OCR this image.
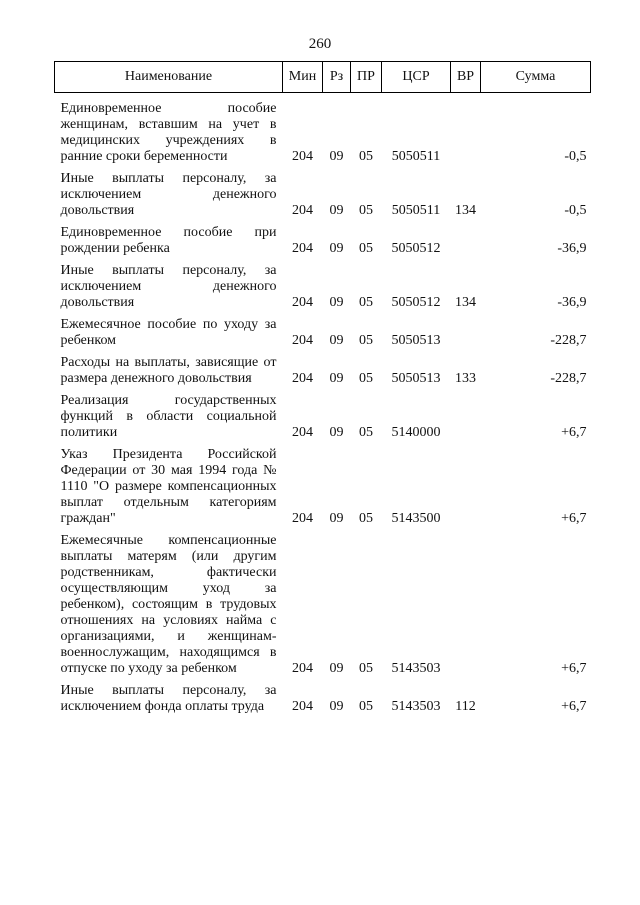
260
Наименование	Мин	Рз	ПР	ЦСР	ВР	Сумма
Единовременное пособие женщинам, вставшим на учет в медицинских учреждениях в ранние сроки беременности	204	09	05	5050511		-0,5
Иные выплаты персоналу, за исключением денежного довольствия	204	09	05	5050511	134	-0,5
Единовременное пособие при рождении ребенка	204	09	05	5050512		-36,9
Иные выплаты персоналу, за исключением денежного довольствия	204	09	05	5050512	134	-36,9
Ежемесячное пособие по уходу за ребенком	204	09	05	5050513		-228,7
Расходы на выплаты, зависящие от размера денежного довольствия	204	09	05	5050513	133	-228,7
Реализация государственных функций в области социальной политики	204	09	05	5140000		+6,7
Указ Президента Российской Федерации от 30 мая 1994 года № 1110 "О размере компенсационных выплат отдельным категориям граждан"	204	09	05	5143500		+6,7
Ежемесячные компенсационные выплаты матерям (или другим родственникам, фактически осуществляющим уход за ребенком), состоящим в трудовых отношениях на условиях найма с организациями, и женщинам-военнослужащим, находящимся в отпуске по уходу за ребенком	204	09	05	5143503		+6,7
Иные выплаты персоналу, за исключением фонда оплаты труда	204	09	05	5143503	112	+6,7
